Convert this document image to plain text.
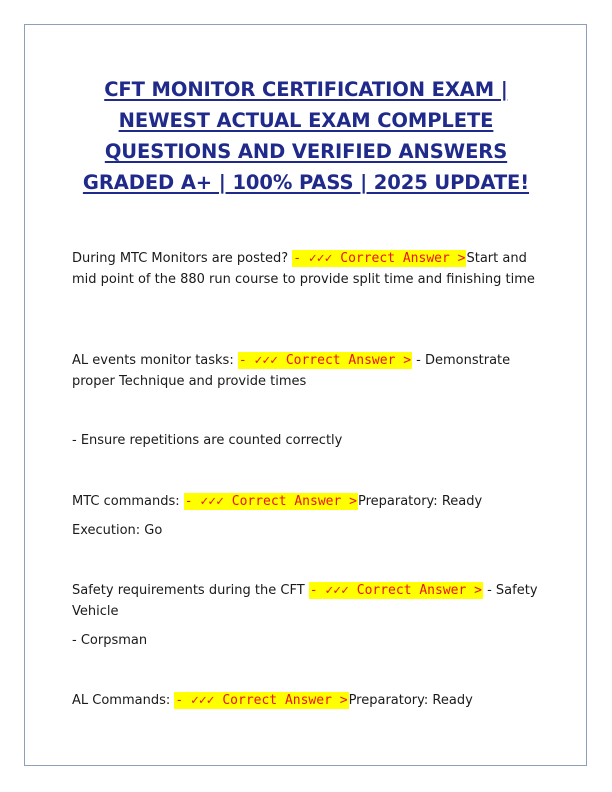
CFT MONITOR CERTIFICATION EXAM | NEWEST ACTUAL EXAM COMPLETE QUESTIONS AND VERIFIED ANSWERS GRADED A+ | 100% PASS | 2025 UPDATE!

During MTC Monitors are posted? - ✓✓✓ Correct Answer >Start and mid point of the 880 run course to provide split time and finishing time

AL events monitor tasks: - ✓✓✓ Correct Answer > - Demonstrate proper Technique and provide times

- Ensure repetitions are counted correctly

MTC commands: - ✓✓✓ Correct Answer >Preparatory: Ready

Execution: Go

Safety requirements during the CFT - ✓✓✓ Correct Answer > - Safety Vehicle

- Corpsman

AL Commands: - ✓✓✓ Correct Answer >Preparatory: Ready
